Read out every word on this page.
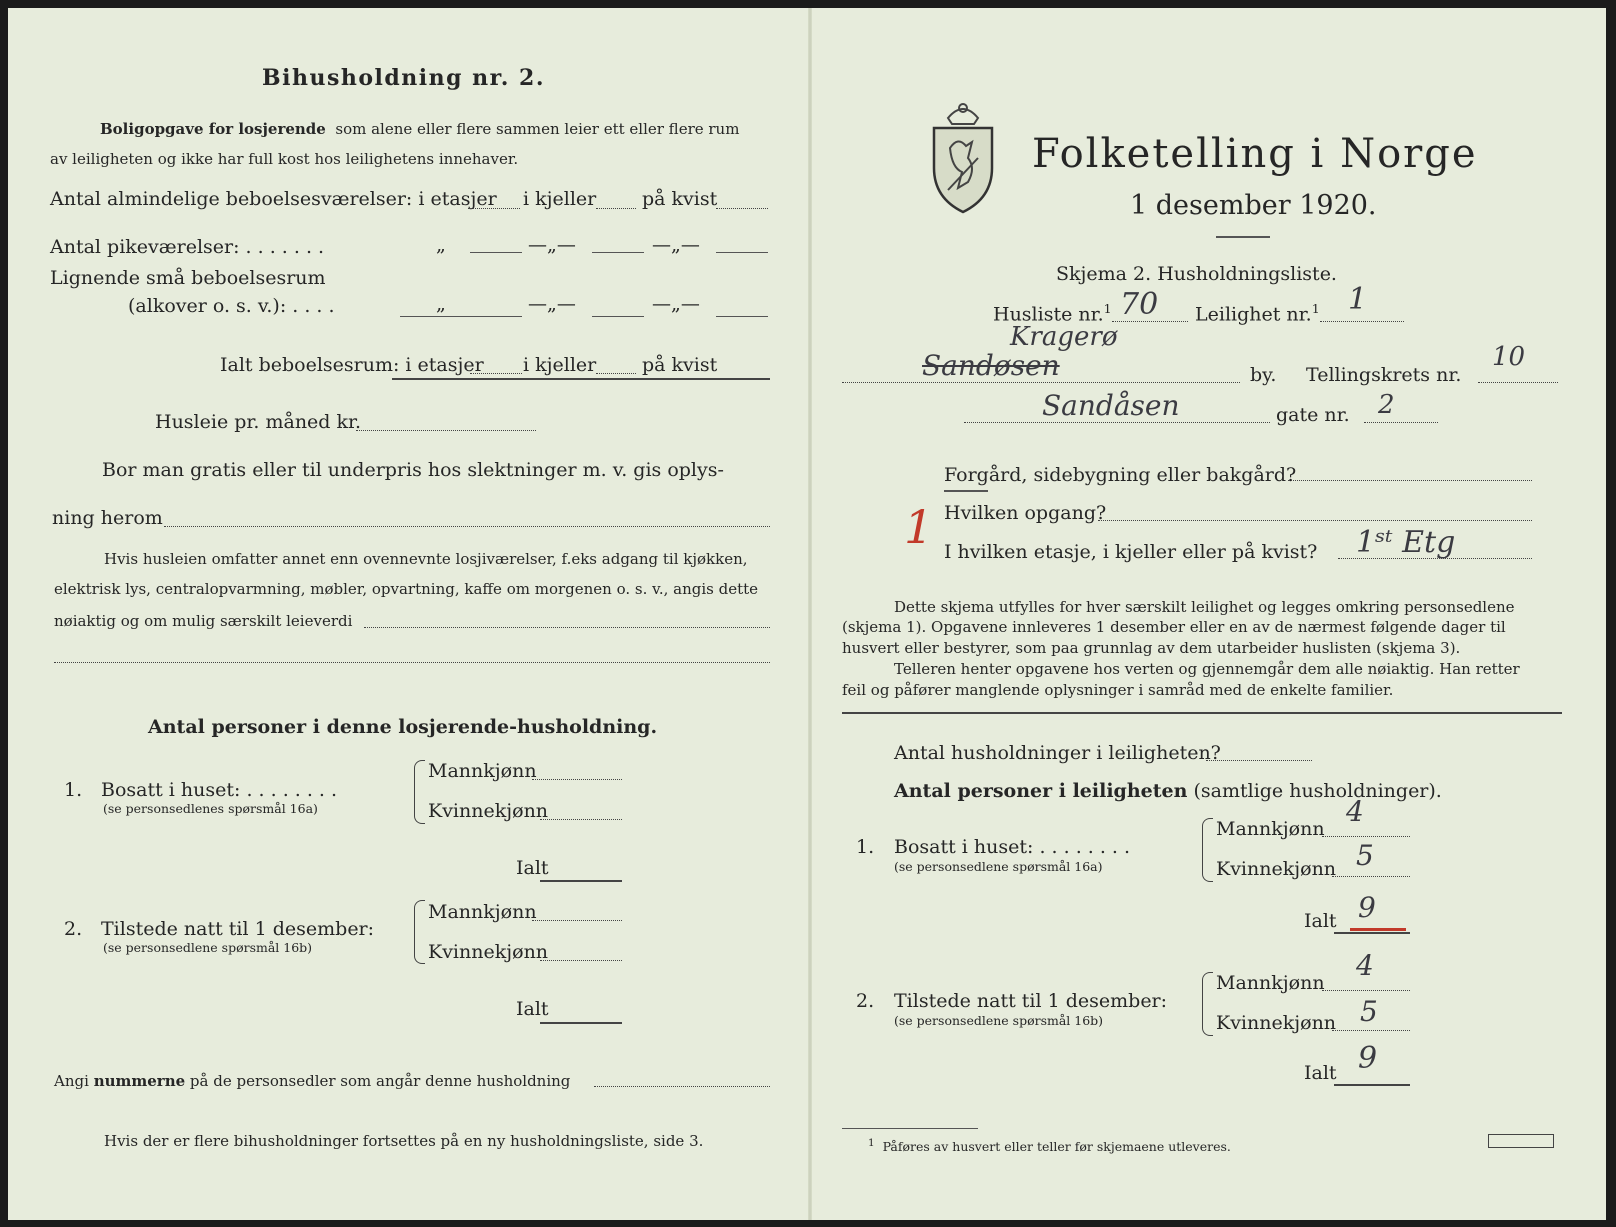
Bihusholdning nr. 2.
Boligopgave for losjerende som alene eller flere sammen leier ett eller flere rum
av leiligheten og ikke har full kost hos leilighetens innehaver.
Antal almindelige beboelsesværelser: i etasjer i kjeller på kvist
Antal pikeværelser: . . . . . . .	„	—„—	—„—
Lignende små beboelsesrum
(alkover o. s. v.): . . . .	„	—„—	—„—
Ialt beboelsesrum: i etasjer i kjeller på kvist
Husleie pr. måned kr.
Bor man gratis eller til underpris hos slektninger m. v. gis oplys-
ning herom
Hvis husleien omfatter annet enn ovennevnte losjiværelser, f.eks adgang til kjøkken,
elektrisk lys, centralopvarmning, møbler, opvartning, kaffe om morgenen o. s. v., angis dette
nøiaktig og om mulig særskilt leieverdi
Antal personer i denne losjerende-husholdning.
1. Bosatt i huset: . . . . . . . .
(se personsedlenes spørsmål 16a)
Mannkjønn
Kvinnekjønn
Ialt
2. Tilstede natt til 1 desember:
(se personsedlene spørsmål 16b)
Mannkjønn
Kvinnekjønn
Ialt
Angi nummerne på de personsedler som angår denne husholdning
Hvis der er flere bihusholdninger fortsettes på en ny husholdningsliste, side 3.
Folketelling i Norge
1 desember 1920.
Skjema 2. Husholdningsliste.
Husliste nr.$^1$ 70 Leilighet nr.$^1$ 1
Sandøsen
Kragerø
by. Tellingskrets nr.
10
Sandåsen	gate nr. 2
Forgård, sidebygning eller bakgård?
1 Hvilken opgang?
I hvilken etasje, i kjeller eller på kvist? 1ˢᵗ Etg
Dette skjema utfylles for hver særskilt leilighet og legges omkring personsedlene
(skjema 1). Opgavene innleveres 1 desember eller en av de nærmest følgende dager til
husvert eller bestyrer, som paa grunnlag av dem utarbeider huslisten (skjema 3).
Telleren henter opgavene hos verten og gjennemgår dem alle nøiaktig. Han retter
feil og påfører manglende oplysninger i samråd med de enkelte familier.
Antal husholdninger i leiligheten?
Antal personer i leiligheten (samtlige husholdninger).
1. Bosatt i huset: . . . . . . . .
(se personsedlene spørsmål 16a)
Mannkjønn
4
Kvinnekjønn 5
Ialt 9
2. Tilstede natt til 1 desember:
(se personsedlene spørsmål 16b)
Mannkjønn
4
Kvinnekjønn 5
Ialt 9
$^1$ Påføres av husvert eller teller før skjemaene utleveres.
